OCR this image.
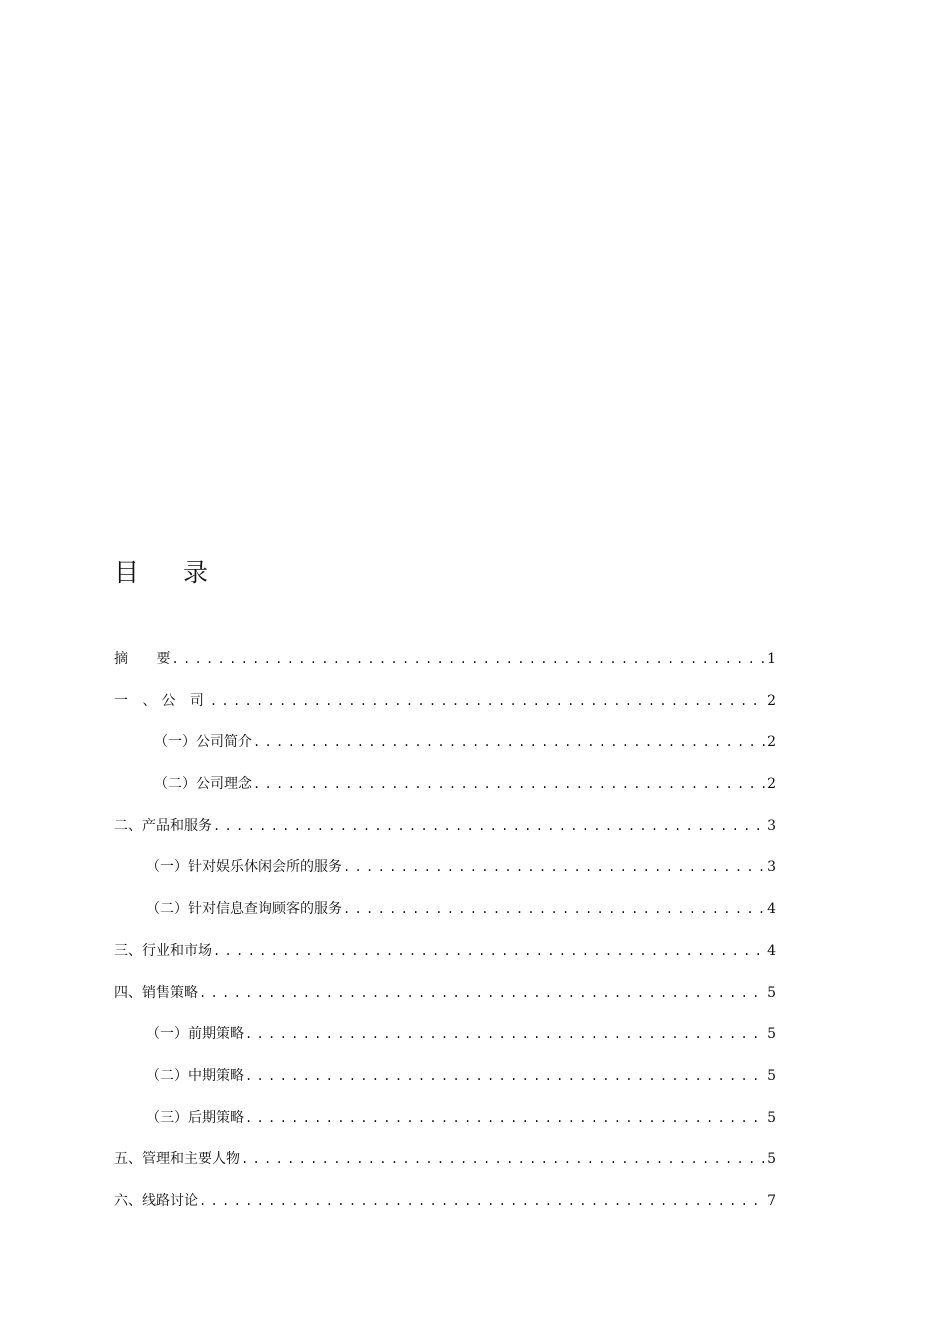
目 录
摘 要 .....	1
一 、公 司 .....	2
（一）公司简介 .....	2
（二）公司理念 .....	2
二、产品和服务 .....	3
（一）针对娱乐休闲会所的服务 .....	3
（二）针对信息查询顾客的服务 .....	4
三、行业和市场 .....	4
四、销售策略 .....	5
（一）前期策略 .....	5
（二）中期策略 .....	5
（三）后期策略 .....	5
五、管理和主要人物 .....	5
六、线路讨论 .....	7
